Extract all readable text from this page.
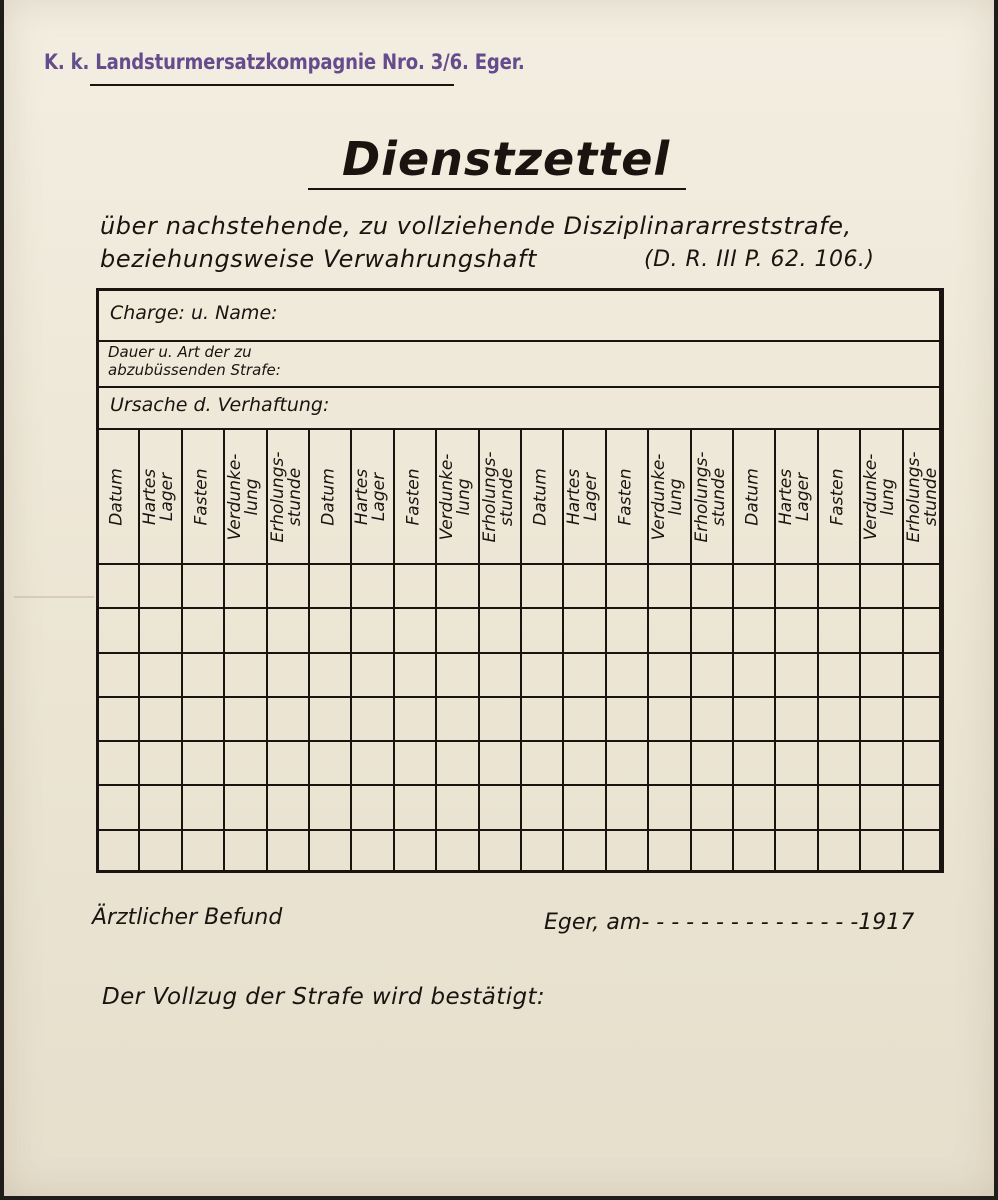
K. k. Landsturmersatzkompagnie Nro. 3/6. Eger.
Dienstzettel
über nachstehende, zu vollziehende Disziplinararreststrafe,
beziehungsweise Verwahrungshaft	(D. R. III P. 62. 106.)
Charge: u. Name:
Dauer u. Art der zu
abzubüssenden Strafe:
Ursache d. Verhaftung:
Datum Hartes
Lager Fasten Verdunke-
lung Erholungs-
stunde Datum Hartes
Lager Fasten Verdunke-
lung Erholungs-
stunde Datum Hartes
Lager Fasten Verdunke-
lung Erholungs-
stunde Datum Hartes
Lager Fasten Verdunke-
lung Erholungs-
stunde
Ärztlicher Befund	Eger, am- - - - - - - - - - - - - - -1917
Der Vollzug der Strafe wird bestätigt:
